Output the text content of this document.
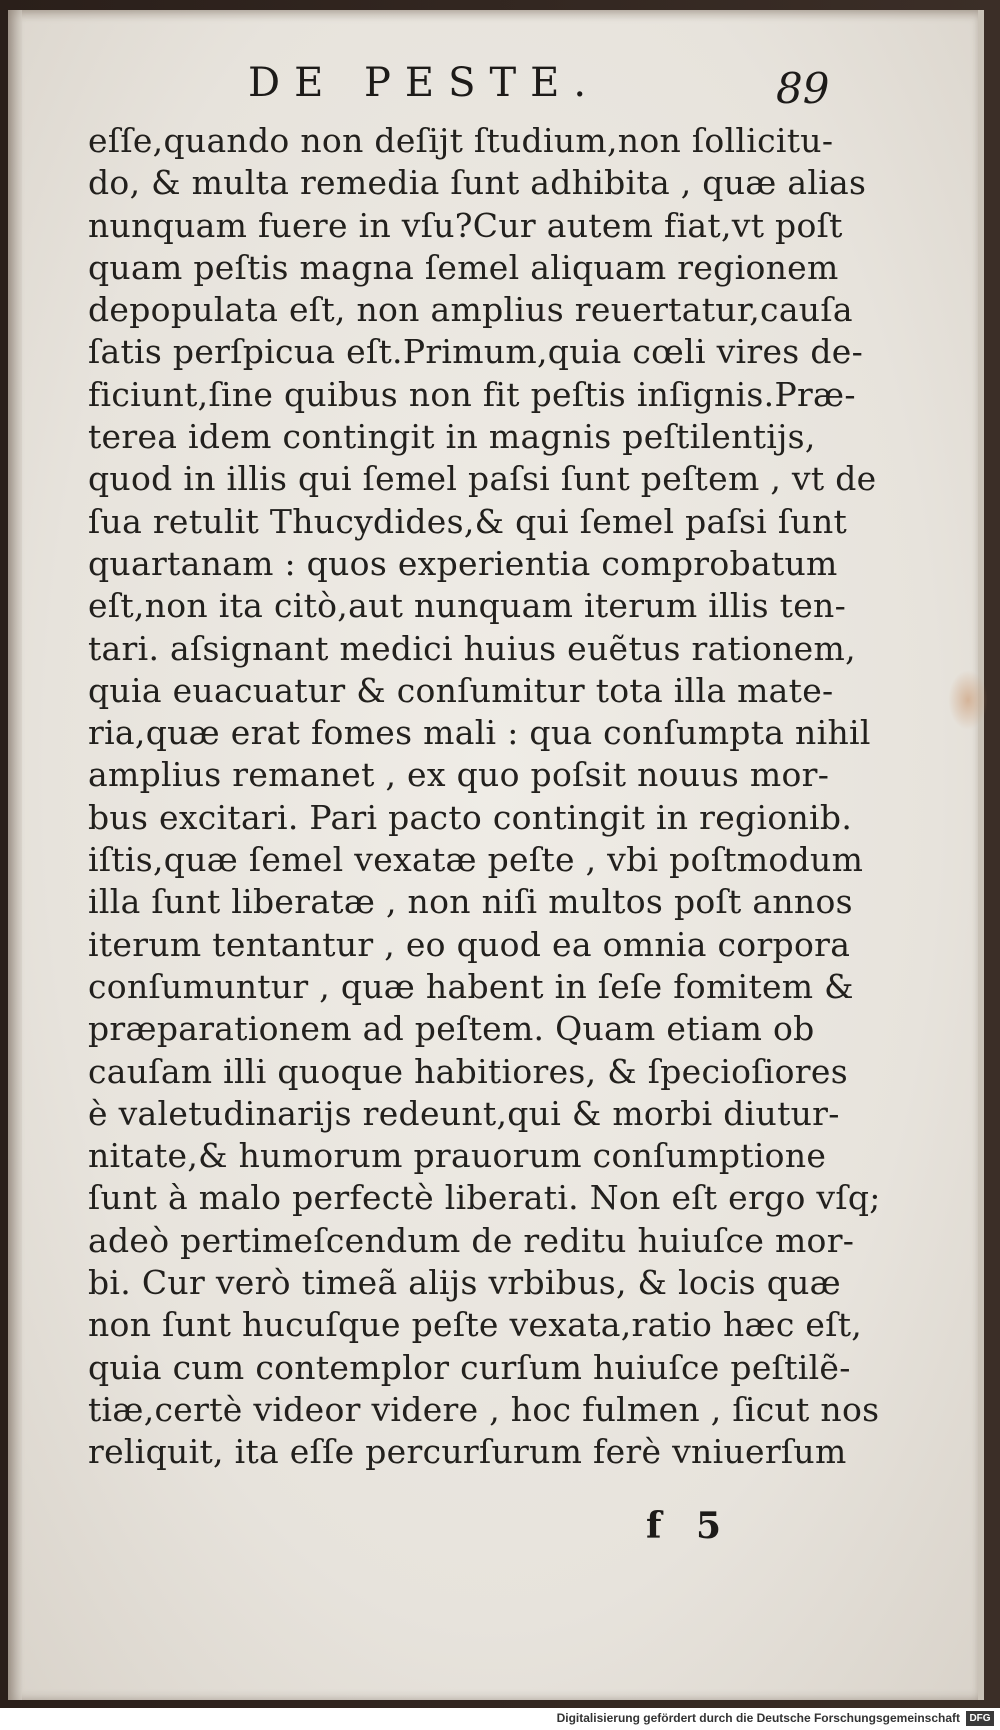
DE PESTE.	89
eſſe,quando non deſijt ſtudium,non ſollicitu-
do, & multa remedia ſunt adhibita , quæ alias
nunquam fuere in vſu?Cur autem fiat,vt poſt
quam peſtis magna ſemel aliquam regionem
depopulata eſt, non amplius reuertatur,cauſa
ſatis perſpicua eſt.Primum,quia cœli vires de-
ficiunt,ſine quibus non fit peſtis inſignis.Præ-
terea idem contingit in magnis peſtilentijs,
quod in illis qui ſemel paſsi ſunt peſtem , vt de
ſua retulit Thucydides,& qui ſemel paſsi ſunt
quartanam : quos experientia comprobatum
eſt,non ita citò,aut nunquam iterum illis ten-
tari. aſsignant medici huius euẽtus rationem,
quia euacuatur & conſumitur tota illa mate-
ria,quæ erat fomes mali : qua conſumpta nihil
amplius remanet , ex quo poſsit nouus mor-
bus excitari. Pari pacto contingit in regionib.
iſtis,quæ ſemel vexatæ peſte , vbi poſtmodum
illa ſunt liberatæ , non niſi multos poſt annos
iterum tentantur , eo quod ea omnia corpora
conſumuntur , quæ habent in ſeſe fomitem &
præparationem ad peſtem. Quam etiam ob
cauſam illi quoque habitiores, & ſpecioſiores
è valetudinarijs redeunt,qui & morbi diutur-
nitate,& humorum prauorum conſumptione
ſunt à malo perfectè liberati. Non eſt ergo vſq;
adeò pertimeſcendum de reditu huiuſce mor-
bi. Cur verò timeã alijs vrbibus, & locis quæ
non ſunt hucuſque peſte vexata,ratio hæc eſt,
quia cum contemplor curſum huiuſce peſtilẽ-
tiæ,certè videor videre , hoc fulmen , ſicut nos
reliquit, ita eſſe percurſurum ferè vniuerſum
f 5
Digitalisierung gefördert durch die Deutsche Forschungsgemeinschaft DFG
